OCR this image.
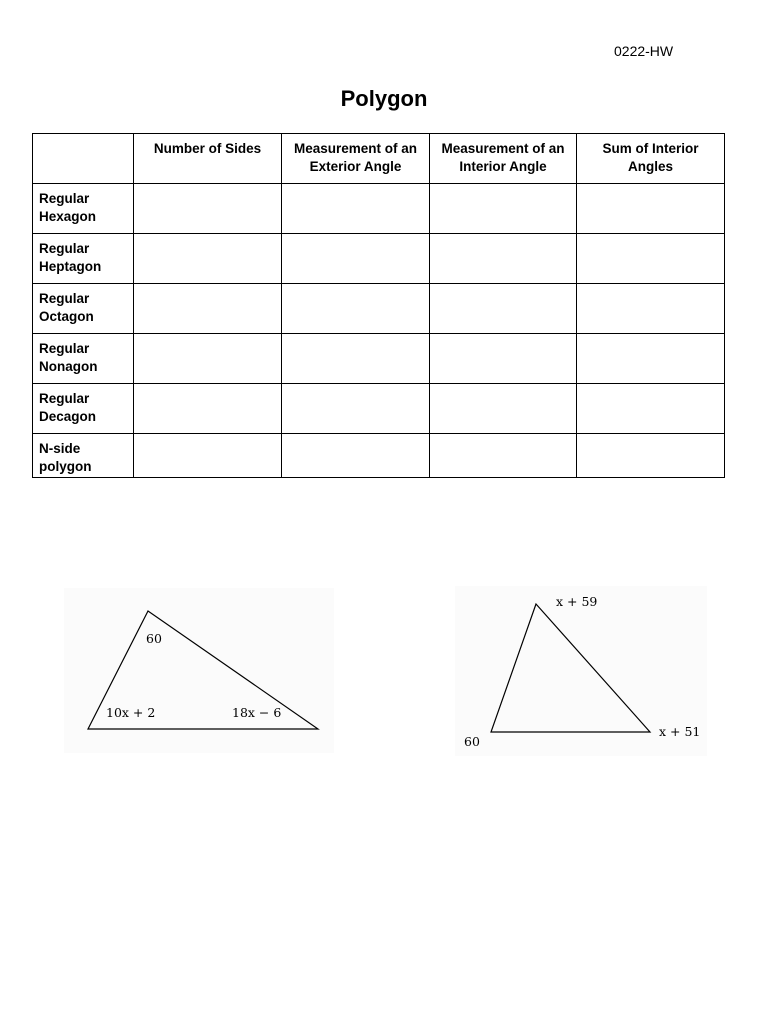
0222-HW
Polygon
	Number of Sides	Measurement of an Exterior Angle	Measurement of an Interior Angle	Sum of Interior Angles
Regular Hexagon				
Regular Heptagon				
Regular Octagon				
Regular Nonagon				
Regular Decagon				
N-side polygon				
60
10x + 2	18x − 6
x + 59
60
x + 51
